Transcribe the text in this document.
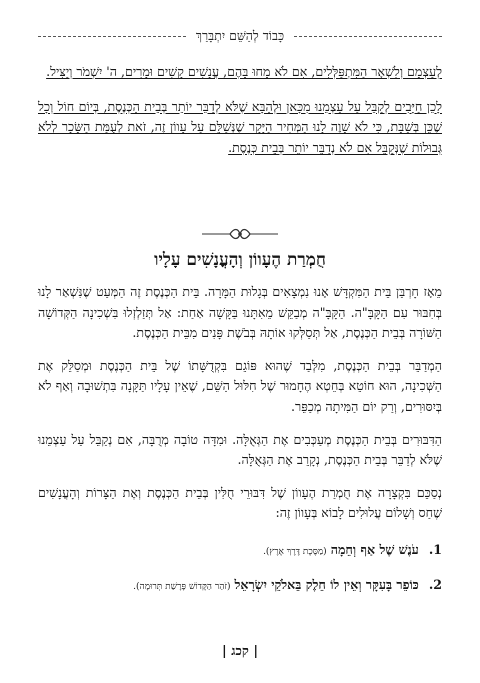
כָּבוֹד לְהַשֵּׁם יִתְבָּרַךְ

לְעַצְמָם וְלִשְׁאָר הַמִּתְפַּלְּלִים, אִם לֹא מָחוּ בָּהֶם, עֳנָשִׁים קָשִׁים וּמָרִים, ה' יִשְׁמֹר וְיַצִּיל.

לָכֵן חַיָּבִים לְקַבֵּל עַל עַצְמֵנוּ מִכָּאן וּלְהַבָּא שֶׁלֹּא לְדַבֵּר יוֹתֵר בְּבֵית הַכְּנֶסֶת, בְּיוֹם חוֹל וְכָל שֶׁכֵּן בְּשַׁבָּת, כִּי לֹא שָׁוֶה לָנוּ הַמְּחִיר הַיָּקָר שֶׁנְּשַׁלֵּם עַל עָווֹן זֶה, זֹאת לְעֻמַּת הַשָּׂכָר לְלֹא גְּבוּלוֹת שֶׁנְּקַבֵּל אִם לֹא נְדַבֵּר יוֹתֵר בְּבֵית כְּנֶסֶת.

חֻמְרַת הֶעָווֹן וְהָעֳנָשִׁים עָלָיו

מֵאָז חָרְבַּן בֵּית הַמִּקְדָּשׁ אָנוּ נִמְצָאִים בְּגָלוּת הַמָּרָה. בֵּית הַכְּנֶסֶת זֶה הַמְּעַט שֶׁנִּשְׁאַר לָנוּ בְּחִבּוּר עִם הַקָּבָּ"ה. הַקָּבָּ"ה מְבַקֵּשׁ מֵאִתָּנוּ בַּקָּשָׁה אַחַת: אַל תְּזַלְזְלוּ בִּשְׁכִינָה הַקְּדוֹשָׁה הַשּׁוֹרָה בְּבֵית הַכְּנֶסֶת, אַל תְּסַלְּקוּ אוֹתָהּ בְּבֹשֶׁת פָּנִים מִבֵּית הַכְּנֶסֶת.

הַמְדַבֵּר בְּבֵית הַכְּנֶסֶת, מִלְּבַד שֶׁהוּא פּוֹגֵם בִּקְדֻשָּׁתוֹ שֶׁל בֵּית הַכְּנֶסֶת וּמְסַלֵּק אֶת הַשְּׁכִינָה, הוּא חוֹטֵא בְּחֵטְא הֶחָמוּר שֶׁל חִלּוּל הַשֵּׁם, שֶׁאֵין עָלָיו תַּקָּנָה בִּתְשׁוּבָה וְאַף לֹא בְּיִסּוּרִים, וְרַק יוֹם הַמִּיתָה מְכַפֵּר.

הַדִּבּוּרִים בְּבֵית הַכְּנֶסֶת מְעַכְּבִים אֶת הַגְּאֻלָּה. וּמִדָּה טוֹבָה מְרֻבָּה, אִם נְקַבֵּל עַל עַצְמֵנוּ שֶׁלֹּא לְדַבֵּר בְּבֵית הַכְּנֶסֶת, נְקָרֵב אֶת הַגְּאֻלָּה.

נְסַכֵּם בִּקְצָרָה אֶת חֻמְרַת הֶעָווֹן שֶׁל דִּבּוּרֵי חֻלִּין בְּבֵית הַכְּנֶסֶת וְאֶת הַצָּרוֹת וְהָעֳנָשִׁים שֶׁחַס וְשָׁלוֹם עֲלוּלִים לָבוֹא בְּעָווֹן זֶה:

1. עֹנֶשׁ שֶׁל אַף וְחֵמָה (מַסֶּכֶת דֶּרֶךְ אֶרֶץ).
2. כּוֹפֵר בָּעִקָּר וְאֵין לוֹ חֵלֶק בֵּאלֹקֵי יִשְׂרָאֵל (זֹהַר הַקָּדוֹשׁ פָּרָשַׁת תְּרוּמָה).
| קכג |
